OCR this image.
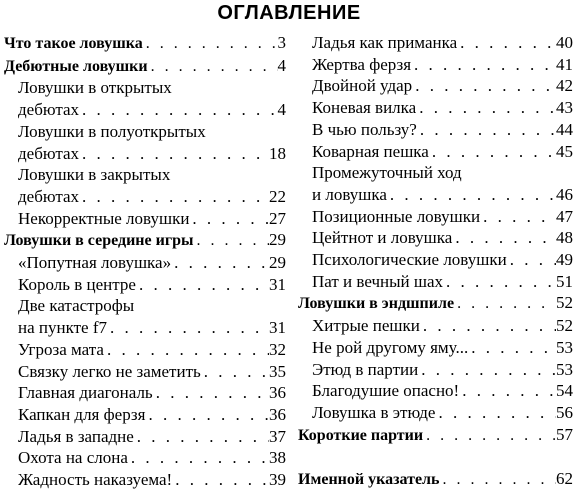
ОГЛАВЛЕНИЕ
Что такое ловушка . . .	3
Дебютные ловушки . . .	4
Ловушки в открытых
дебютах . . .	4
Ловушки в полуоткрытых
дебютах . . .	18
Ловушки в закрытых
дебютах . . .	22
Некорректные ловушки . . .	27
Ловушки в середине игры . . .	29
«Попутная ловушка» . . .	29
Король в центре . . .	31
Две катастрофы
на пункте f7 . . .	31
Угроза мата . . .	32
Связку легко не заметить . . .	35
Главная диагональ . . .	36
Капкан для ферзя . . .	36
Ладья в западне . . .	37
Охота на слона . . .	38
Жадность наказуема! . . .	39
Ладья как приманка . . .	40
Жертва ферзя . . .	41
Двойной удар . . .	42
Коневая вилка . . .	43
В чью пользу? . . .	44
Коварная пешка . . .	45
Промежуточный ход
и ловушка . . .	46
Позиционные ловушки . . .	47
Цейтнот и ловушка . . .	48
Психологические ловушки . . .	49
Пат и вечный шах . . .	51
Ловушки в эндшпиле . . .	52
Хитрые пешки . . .	52
Не рой другому яму... . . .	53
Этюд в партии . . .	53
Благодушие опасно! . . .	54
Ловушка в этюде . . .	56
Короткие партии . . .	57
Именной указатель . . .	62
